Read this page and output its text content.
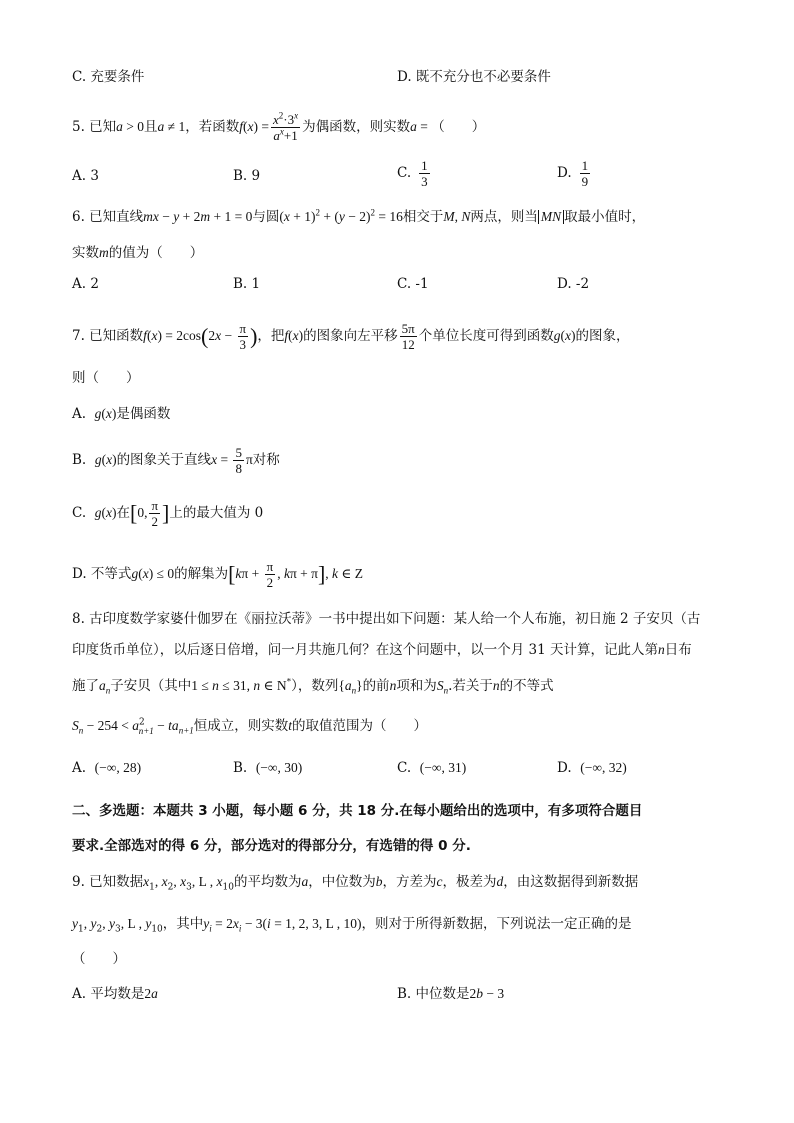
C. 充要条件	D. 既不充分也不必要条件
5. 已知a > 0且a ≠ 1，若函数$f(x) = \frac{x^2\cdot 3^x}{a^x+1}$ 为偶函数，则实数a = （　　）
A. 3	B. 9	C. $\frac{1}{3}$	D. $\frac{1}{9}$
6. 已知直线mx − y + 2m + 1 = 0与圆$(x + 1)^2 + (y - 2)^2 = 16$相交于M, N两点，则当 MN 取最小值时，
实数m的值为（　　）
A. 2	B. 1	C. -1	D. -2
7. 已知函数$f(x) = 2\cos(2x - \frac{\pi}{3}$ )，把f(x)的图象向左平移 $\frac{5\pi}{12}$ 个单位长度可得到函数g(x)的图象，
则（　　）
A. g(x)是偶函数
B. g(x)的图象关于直线$x = \frac{5}{8}$ π对称
C. g(x)在[0, $\frac{\pi}{2}$ ]上的最大值为 0
D. 不等式g(x) ≤ 0的解集为[$k\pi + \frac{\pi}{2}$ , kπ + π], k ∈ Z
8. 古印度数学家婆什伽罗在《丽拉沃蒂》一书中提出如下问题：某人给一个人布施，初日施 2 子安贝（古
印度货币单位），以后逐日倍增，问一月共施几何？在这个问题中，以一个月 31 天计算，记此人第n日布
施了$a_n$子安贝（其中1 ≤ n ≤ 31, n ∈ N*），数列$\{a_n\}$的前n项和为$S_n$.若关于n的不等式
$S_n - 254 < a^2_{n+1} - ta_{n+1}$恒成立，则实数t的取值范围为（　　）
A. (−∞, 28)	B. (−∞, 30)	C. (−∞, 31)	D. (−∞, 32)
二、多选题：本题共 3 小题，每小题 6 分，共 18 分.在每小题给出的选项中，有多项符合题目
要求.全部选对的得 6 分，部分选对的得部分分，有选错的得 0 分.
9. 已知数据$x_1$, $x_2$, $x_3$, L , $x_{10}$的平均数为a，中位数为b，方差为c，极差为d，由这数据得到新数据
$y_1$, $y_2$, $y_3$, L , $y_{10}$，其中$y_i = 2x_i - 3(i = 1$, 2, 3, L , 10)，则对于所得新数据，下列说法一定正确的是
（　　）
A. 平均数是2a	B. 中位数是2b − 3
